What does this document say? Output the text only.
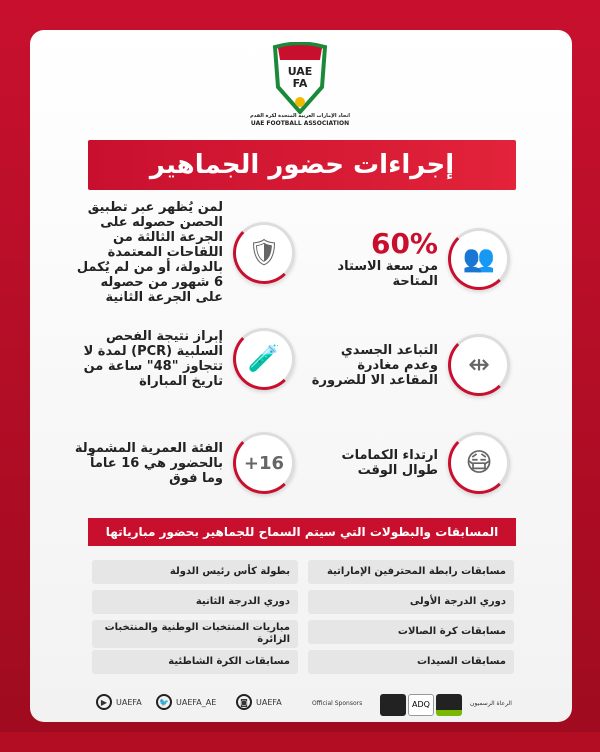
UAE
FA
اتحاد الإمارات العربية المتحدة لكرة القدم
UAE FOOTBALL ASSOCIATION
إجراءات حضور الجماهير
👥
60%
من سعة الاستاد المتاحة
🛡
لمن يُظهر عبر تطبيق الحصن حصوله على الجرعة الثالثة من اللقاحات المعتمدة بالدولة، أو من لم يُكمل 6 شهور من حصوله على الجرعة الثانية
⇹
التباعد الجسدي وعدم مغادرة المقاعد الا للضرورة
🧪
إبراز نتيجة الفحص السلبية (PCR) لمدة لا تتجاوز "48" ساعة من تاريخ المباراة
😷
ارتداء الكمامات طوال الوقت
16+
الفئة العمرية المشمولة بالحضور هي 16 عاماً وما فوق
المسابقات والبطولات التي سيتم السماح للجماهير بحضور مبارياتها
مسابقات رابطة المحترفين الإماراتية
دوري الدرجة الأولى
مسابقات كرة الصالات
مسابقات السيدات
بطولة كأس رئيس الدولة
دوري الدرجة الثانية
مباريات المنتخبات الوطنية والمنتخبات الزائرة
مسابقات الكرة الشاطئية
▶	UAEFA	🐦 UAEFA_AE	◙	UAEFA	Official Sponsors	ADQ	الرعاة الرسميون
